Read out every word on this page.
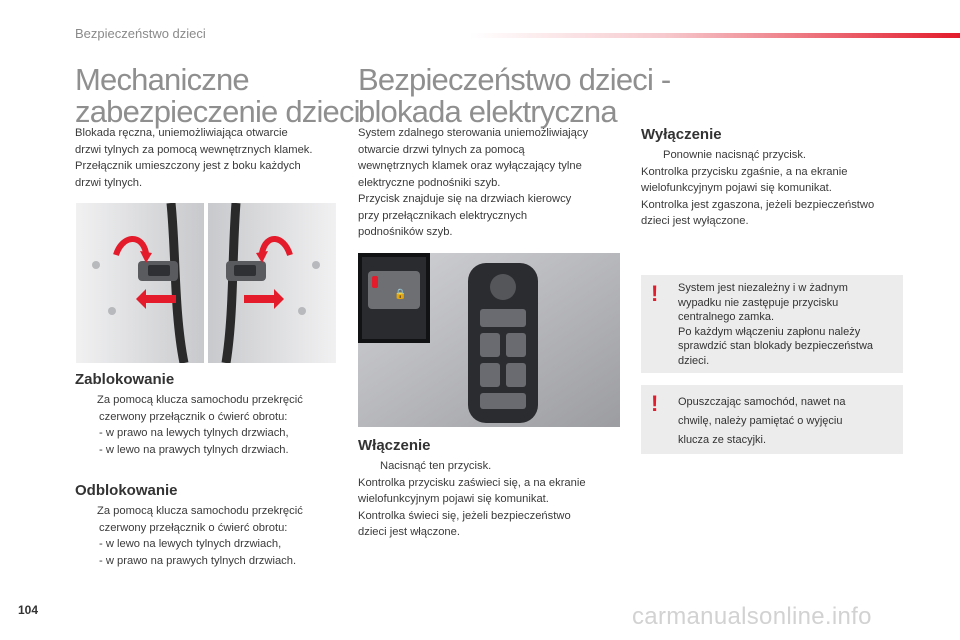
Bezpieczeństwo dzieci
Mechaniczne
zabezpieczenie dzieci
Blokada ręczna, uniemożliwiająca otwarcie
drzwi tylnych za pomocą wewnętrznych klamek.
Przełącznik umieszczony jest z boku każdych
drzwi tylnych.
Zablokowanie
Za pomocą klucza samochodu przekręcić
czerwony przełącznik o ćwierć obrotu:
- w prawo na lewych tylnych drzwiach,
- w lewo na prawych tylnych drzwiach.
Odblokowanie
Za pomocą klucza samochodu przekręcić
czerwony przełącznik o ćwierć obrotu:
- w lewo na lewych tylnych drzwiach,
- w prawo na prawych tylnych drzwiach.
Bezpieczeństwo dzieci -
blokada elektryczna
System zdalnego sterowania uniemożliwiający
otwarcie drzwi tylnych za pomocą
wewnętrznych klamek oraz wyłączający tylne
elektryczne podnośniki szyb.
Przycisk znajduje się na drzwiach kierowcy
przy przełącznikach elektrycznych
podnośników szyb.
🔒
Włączenie
Nacisnąć ten przycisk.
Kontrolka przycisku zaświeci się, a na ekranie
wielofunkcyjnym pojawi się komunikat.
Kontrolka świeci się, jeżeli bezpieczeństwo
dzieci jest włączone.
Wyłączenie
Ponownie nacisnąć przycisk.
Kontrolka przycisku zgaśnie, a na ekranie
wielofunkcyjnym pojawi się komunikat.
Kontrolka jest zgaszona, jeżeli bezpieczeństwo
dzieci jest wyłączone.
! System jest niezależny i w żadnym
wypadku nie zastępuje przycisku
centralnego zamka.
Po każdym włączeniu zapłonu należy
sprawdzić stan blokady bezpieczeństwa
dzieci.
! Opuszczając samochód, nawet na
chwilę, należy pamiętać o wyjęciu
klucza ze stacyjki.
104	carmanualsonline.info
